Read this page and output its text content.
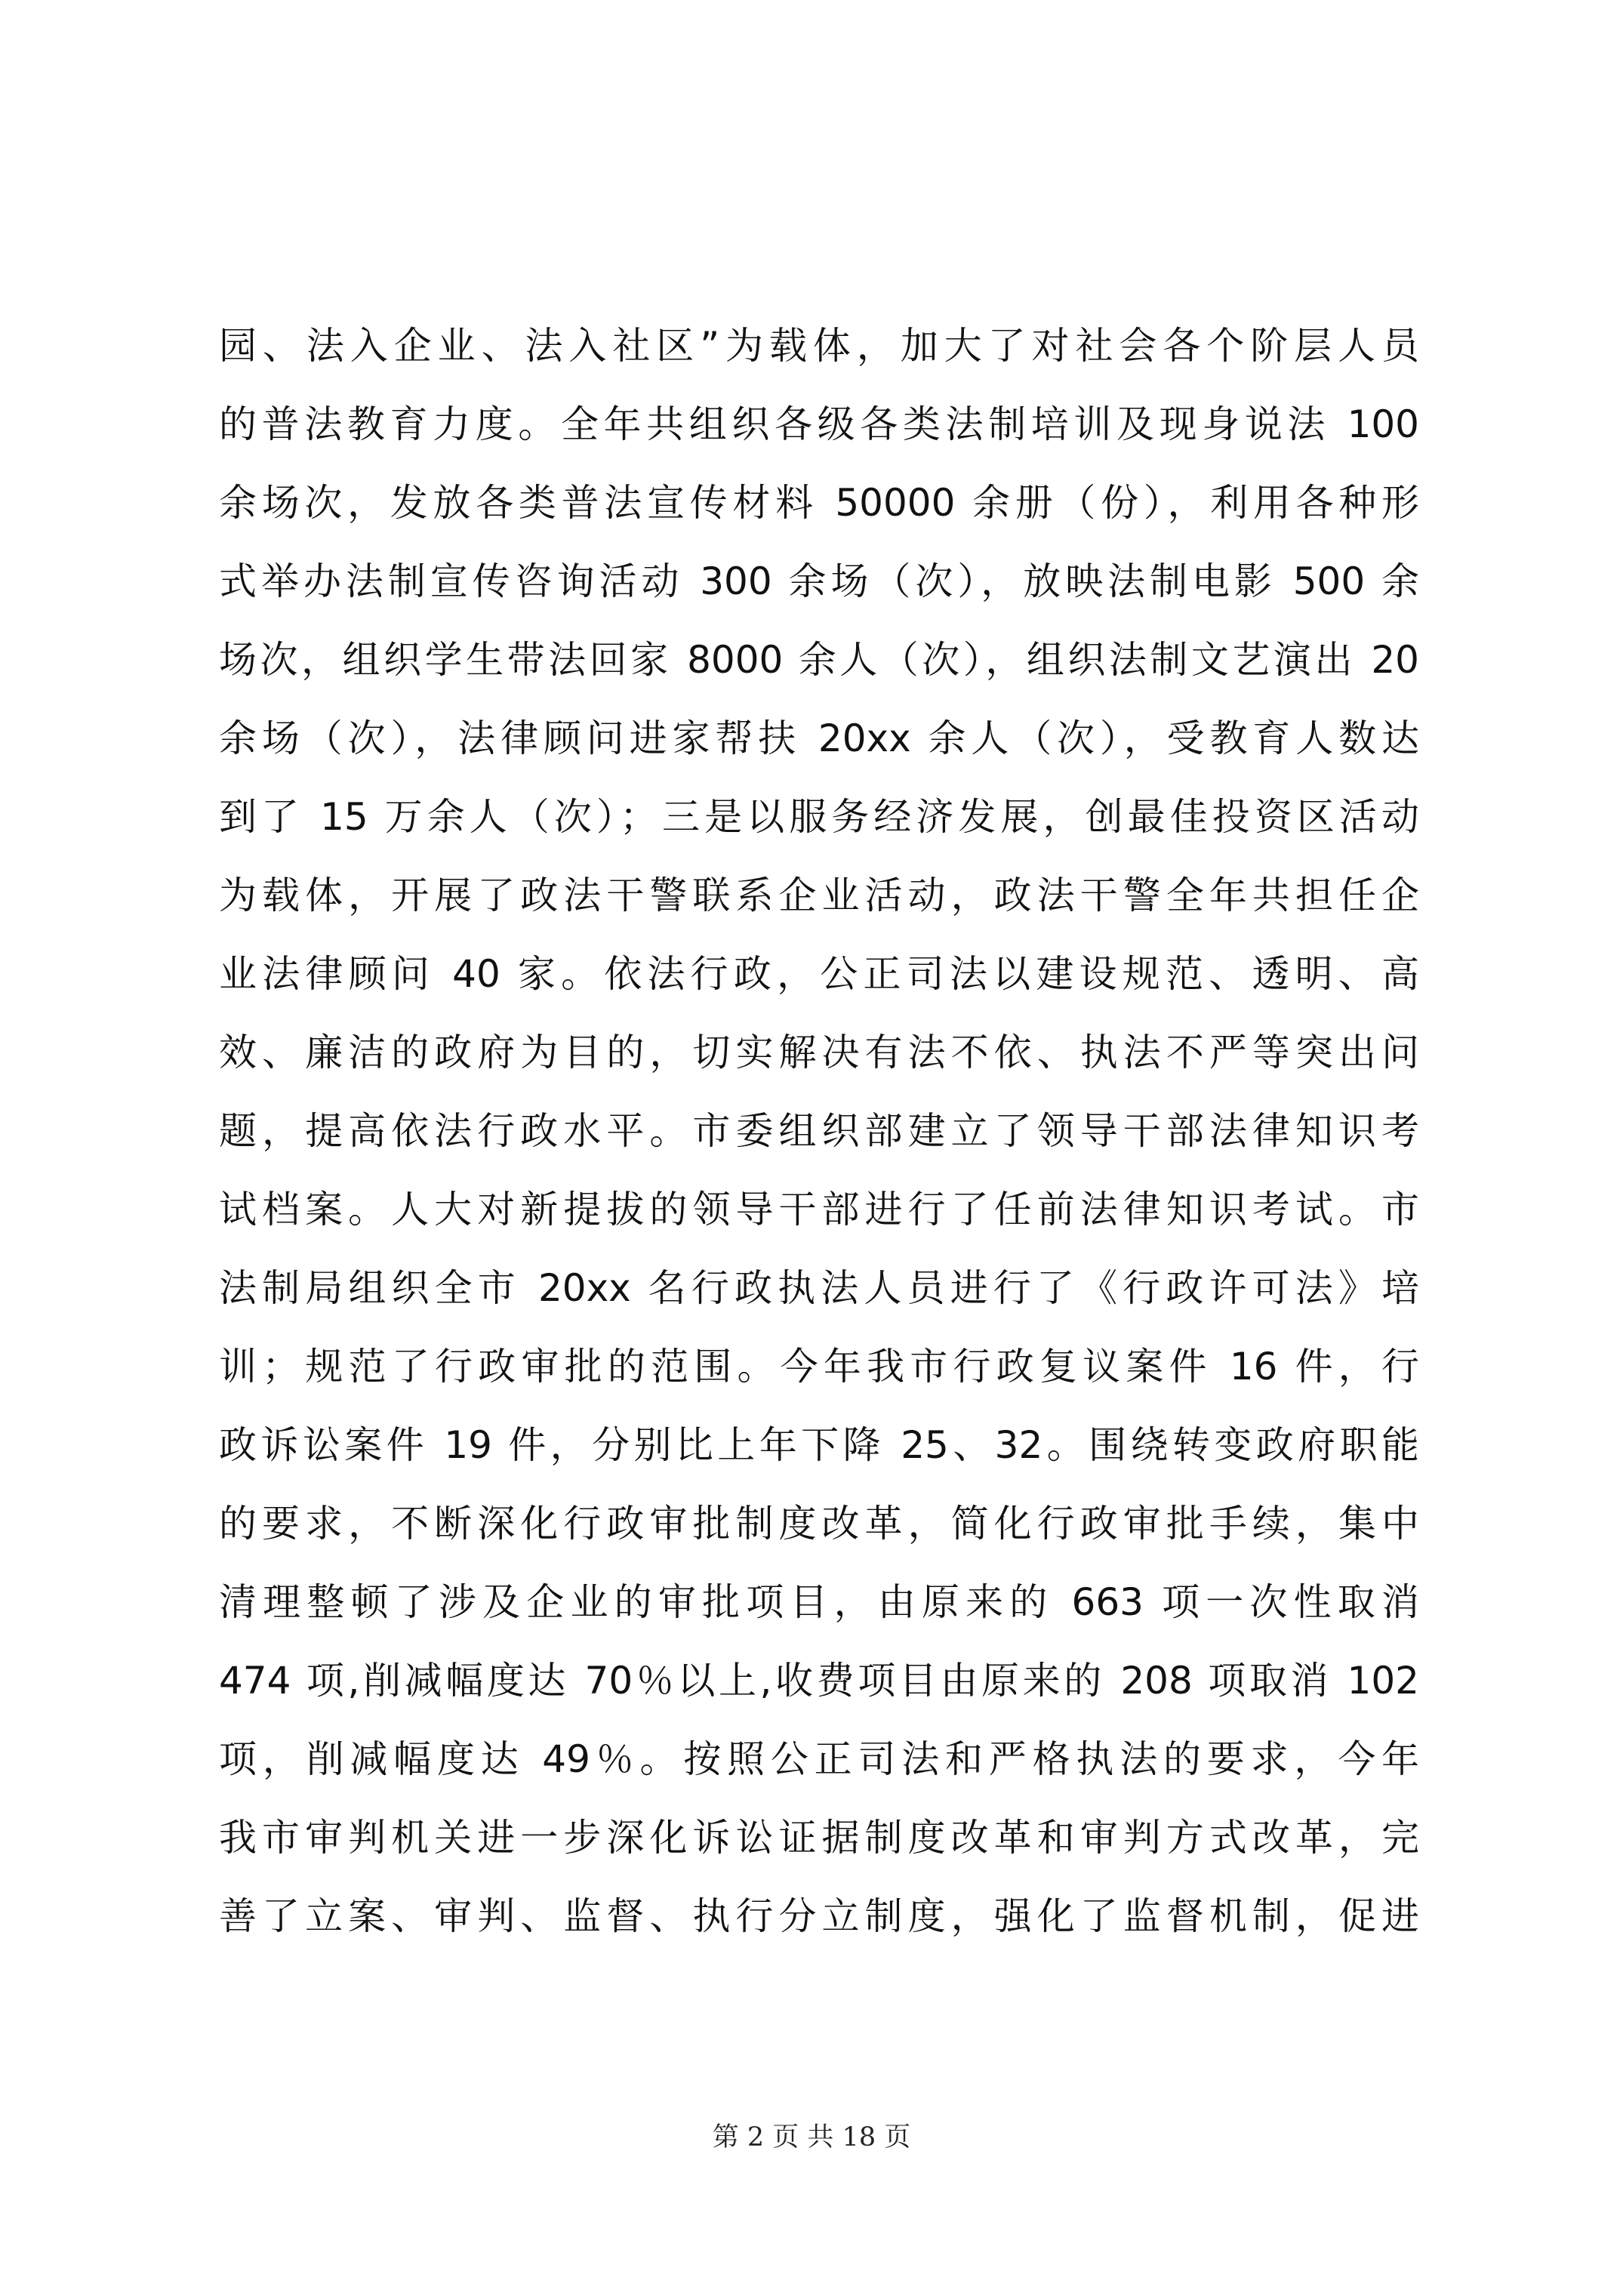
园、法入企业、法入社区”为载体，加大了对社会各个阶层人员
的普法教育力度。全年共组织各级各类法制培训及现身说法 100
余场次，发放各类普法宣传材料 50000 余册（份），利用各种形
式举办法制宣传咨询活动 300 余场（次），放映法制电影 500 余
场次，组织学生带法回家 8000 余人（次），组织法制文艺演出 20
余场（次），法律顾问进家帮扶 20xx 余人（次），受教育人数达
到了 15 万余人（次）；三是以服务经济发展，创最佳投资区活动
为载体，开展了政法干警联系企业活动，政法干警全年共担任企
业法律顾问 40 家。依法行政，公正司法以建设规范、透明、高
效、廉洁的政府为目的，切实解决有法不依、执法不严等突出问
题，提高依法行政水平。市委组织部建立了领导干部法律知识考
试档案。人大对新提拔的领导干部进行了任前法律知识考试。市
法制局组织全市 20xx 名行政执法人员进行了《行政许可法》培
训；规范了行政审批的范围。今年我市行政复议案件 16 件，行
政诉讼案件 19 件，分别比上年下降 25、32。围绕转变政府职能
的要求，不断深化行政审批制度改革，简化行政审批手续，集中
清理整顿了涉及企业的审批项目，由原来的 663 项一次性取消
474 项,削减幅度达 70％以上,收费项目由原来的 208 项取消 102
项，削减幅度达 49％。按照公正司法和严格执法的要求，今年
我市审判机关进一步深化诉讼证据制度改革和审判方式改革，完
善了立案、审判、监督、执行分立制度，强化了监督机制，促进
第 2 页 共 18 页
